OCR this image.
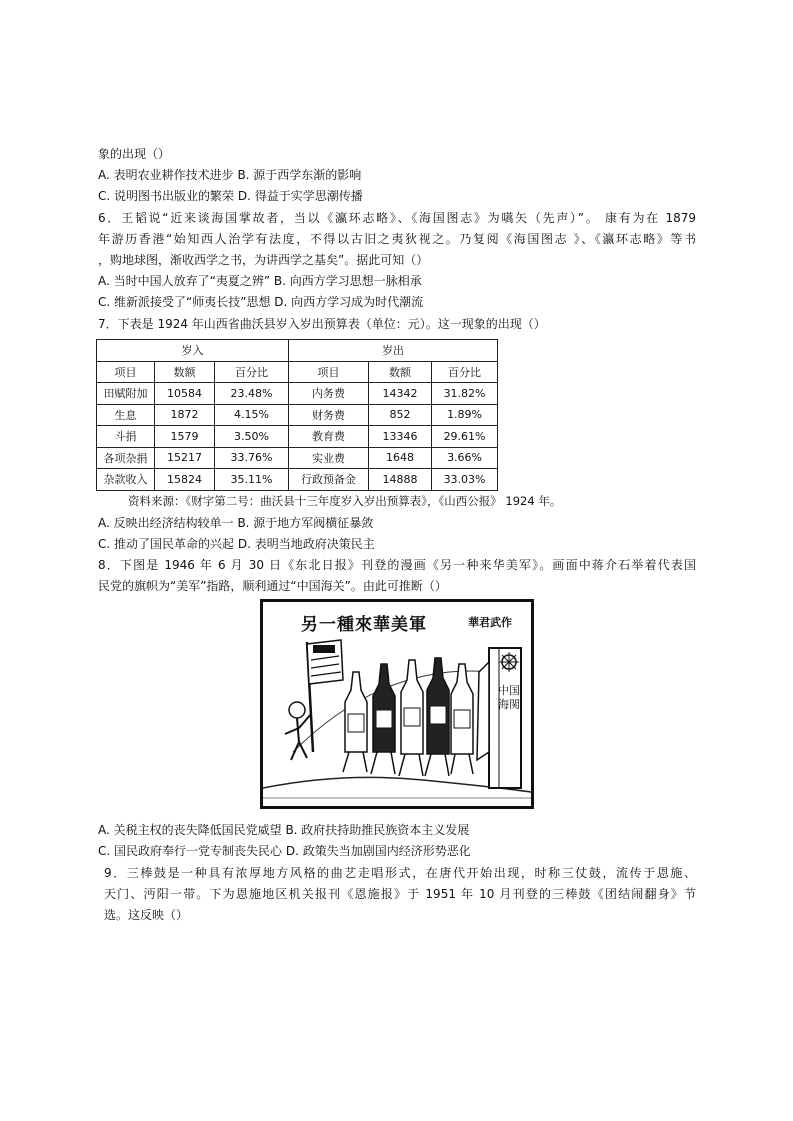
象的出现（）
A. 表明农业耕作技术进步 B. 源于西学东渐的影响
C. 说明图书出版业的繁荣 D. 得益于实学思潮传播
6．王韬说“近来谈海国掌故者，当以《瀛环志略》、《海国图志》为嚆矢（先声）”。 康有为在 1879
年游历香港“始知西人治学有法度，不得以古旧之夷狄视之。乃复阅《海国图志 》、《瀛环志略》等书
，购地球图，渐收西学之书，为讲西学之基矣”。据此可知（）
A. 当时中国人放弃了“夷夏之辨” B. 向西方学习思想一脉相承
C. 维新派接受了“师夷长技”思想 D. 向西方学习成为时代潮流
7．下表是 1924 年山西省曲沃县岁入岁出预算表（单位：元）。这一现象的出现（）
岁入			岁出		
项目	数额	百分比	项目	数额	百分比
田赋附加	10584	23.48%	内务费	14342	31.82%
生息	1872	4.15%	财务费	852	1.89%
斗捐	1579	3.50%	教育费	13346	29.61%
各项杂捐	15217	33.76%	实业费	1648	3.66%
杂款收入	15824	35.11%	行政预备金	14888	33.03%
资料来源：《财字第二号：曲沃县十三年度岁入岁出预算表》，《山西公报》 1924 年。
A. 反映出经济结构较单一 B. 源于地方军阀横征暴敛
C. 推动了国民革命的兴起 D. 表明当地政府决策民主
8．下图是 1946 年 6 月 30 日《东北日报》刊登的漫画《另一种来华美军》。画面中蒋介石举着代表国
民党的旗帜为“美军”指路，顺利通过“中国海关”。由此可推断（）
另一種來華美軍	華君武作
中国海関
A. 关税主权的丧失降低国民党威望 B. 政府扶持助推民族资本主义发展
C. 国民政府奉行一党专制丧失民心 D. 政策失当加剧国内经济形势恶化
9．三棒鼓是一种具有浓厚地方风格的曲艺走唱形式，在唐代开始出现，时称三仗鼓，流传于恩施、
天门、沔阳一带。下为恩施地区机关报刊《恩施报》于 1951 年 10 月刊登的三棒鼓《团结闹翻身》节
选。这反映（）
